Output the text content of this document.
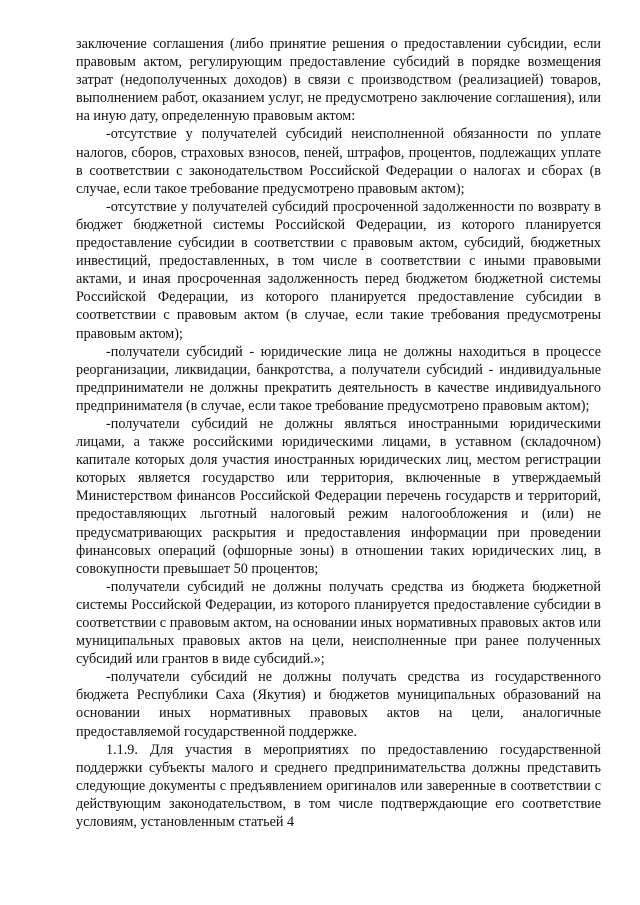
заключение соглашения (либо принятие решения о предоставлении субсидии, если правовым актом, регулирующим предоставление субсидий в порядке возмещения затрат (недополученных доходов) в связи с производством (реализацией) товаров, выполнением работ, оказанием услуг, не предусмотрено заключение соглашения), или на иную дату, определенную правовым актом:

-отсутствие у получателей субсидий неисполненной обязанности по уплате налогов, сборов, страховых взносов, пеней, штрафов, процентов, подлежащих уплате в соответствии с законодательством Российской Федерации о налогах и сборах (в случае, если такое требование предусмотрено правовым актом);

-отсутствие у получателей субсидий просроченной задолженности по возврату в бюджет бюджетной системы Российской Федерации, из которого планируется предоставление субсидии в соответствии с правовым актом, субсидий, бюджетных инвестиций, предоставленных, в том числе в соответствии с иными правовыми актами, и иная просроченная задолженность перед бюджетом бюджетной системы Российской Федерации, из которого планируется предоставление субсидии в соответствии с правовым актом (в случае, если такие требования предусмотрены правовым актом);

-получатели субсидий - юридические лица не должны находиться в процессе реорганизации, ликвидации, банкротства, а получатели субсидий - индивидуальные предприниматели не должны прекратить деятельность в качестве индивидуального предпринимателя (в случае, если такое требование предусмотрено правовым актом);

-получатели субсидий не должны являться иностранными юридическими лицами, а также российскими юридическими лицами, в уставном (складочном) капитале которых доля участия иностранных юридических лиц, местом регистрации которых является государство или территория, включенные в утверждаемый Министерством финансов Российской Федерации перечень государств и территорий, предоставляющих льготный налоговый режим налогообложения и (или) не предусматривающих раскрытия и предоставления информации при проведении финансовых операций (офшорные зоны) в отношении таких юридических лиц, в совокупности превышает 50 процентов;

-получатели субсидий не должны получать средства из бюджета бюджетной системы Российской Федерации, из которого планируется предоставление субсидии в соответствии с правовым актом, на основании иных нормативных правовых актов или муниципальных правовых актов на цели, неисполненные при ранее полученных субсидий или грантов в виде субсидий.»;

-получатели субсидий не должны получать средства из государственного бюджета Республики Саха (Якутия) и бюджетов муниципальных образований на основании иных нормативных правовых актов на цели, аналогичные предоставляемой государственной поддержке.

1.1.9. Для участия в мероприятиях по предоставлению государственной поддержки субъекты малого и среднего предпринимательства должны представить следующие документы с предъявлением оригиналов или заверенные в соответствии с действующим законодательством, в том числе подтверждающие его соответствие условиям, установленным статьей 4
